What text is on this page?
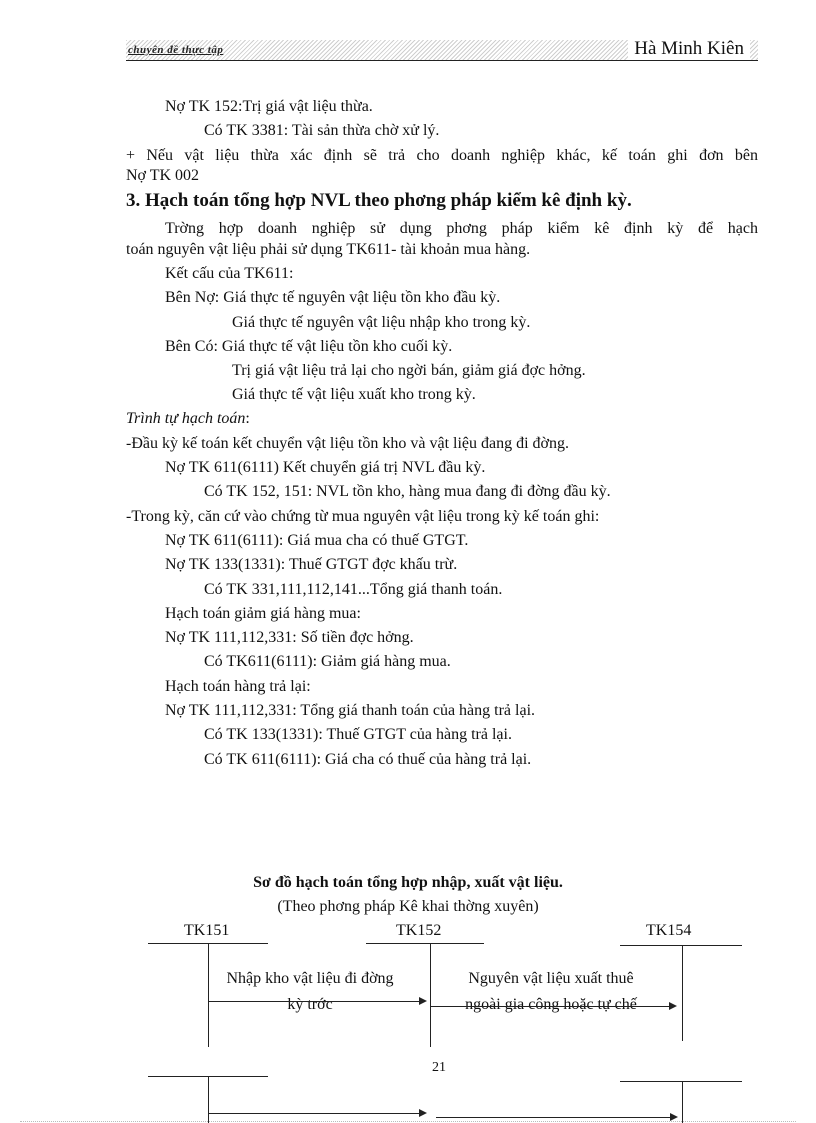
chuyên đề thực tập	Hà Minh Kiên
Nợ TK 152:Trị giá vật liệu thừa.
Có TK 3381: Tài sản thừa chờ xử lý.
+ Nếu vật liệu thừa xác định sẽ trả cho doanh nghiệp khác, kế toán ghi đơn bên
Nợ TK 002
3. Hạch toán tổng hợp NVL theo phơng pháp kiểm kê định kỳ.
Trờng hợp doanh nghiệp sử dụng phơng pháp kiểm kê định kỳ để hạch
toán nguyên vật liệu phải sử dụng TK611- tài khoản mua hàng.
Kết cấu của TK611:
Bên Nợ: Giá thực tế nguyên vật liệu tồn kho đầu kỳ.
Giá thực tế nguyên vật liệu nhập kho trong kỳ.
Bên Có: Giá thực tế vật liệu tồn kho cuối kỳ.
Trị giá vật liệu trả lại cho ngời bán, giảm giá đợc hởng.
Giá thực tế vật liệu xuất kho trong kỳ.
Trình tự hạch toán:
-Đầu kỳ kế toán kết chuyển vật liệu tồn kho và vật liệu đang đi đờng.
Nợ TK 611(6111) Kết chuyển giá trị NVL đầu kỳ.
Có TK 152, 151: NVL tồn kho, hàng mua đang đi đờng đầu kỳ.
-Trong kỳ, căn cứ vào chứng từ mua nguyên vật liệu trong kỳ kế toán ghi:
Nợ TK 611(6111): Giá mua cha có thuế GTGT.
Nợ TK 133(1331): Thuế GTGT đợc khấu trừ.
Có TK 331,111,112,141...Tổng giá thanh toán.
Hạch toán giảm giá hàng mua:
Nợ TK 111,112,331: Số tiền đợc hởng.
Có TK611(6111): Giảm giá hàng mua.
Hạch toán hàng trả lại:
Nợ TK 111,112,331: Tổng giá thanh toán của hàng trả lại.
Có TK 133(1331): Thuế GTGT của hàng trả lại.
Có TK 611(6111): Giá cha có thuế của hàng trả lại.
Sơ đồ hạch toán tổng hợp nhập, xuất vật liệu.
(Theo phơng pháp Kê khai thờng xuyên)
TK151	TK152	TK154
Nhập kho vật liệu đi đờng
kỳ trớc
Nguyên vật liệu xuất thuê
ngoài gia công hoặc tự chế
21
